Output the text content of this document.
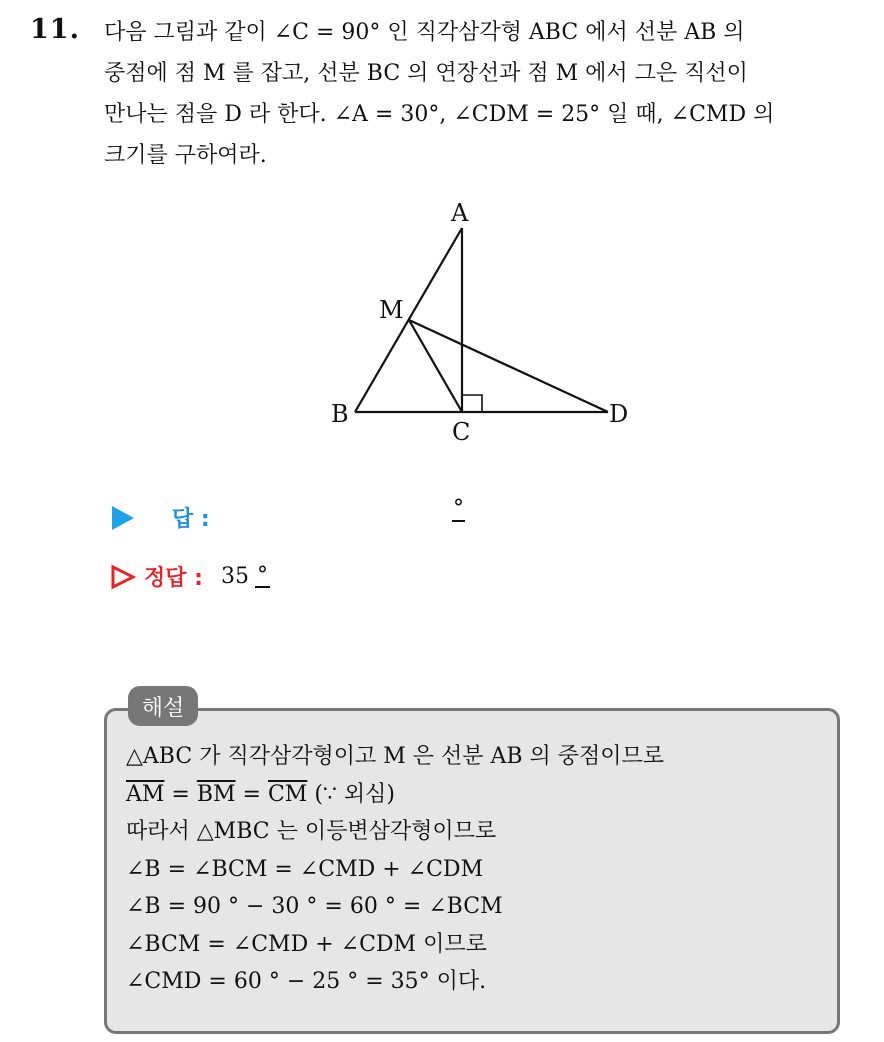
11. 다음 그림과 같이 ∠C = 90° 인 직각삼각형 ABC 에서 선분 AB 의

중점에 점 M 를 잡고, 선분 BC 의 연장선과 점 M 에서 그은 직선이

만나는 점을 D 라 한다. ∠A = 30°, ∠CDM = 25° 일 때, ∠CMD 의

크기를 구하여라.

A
M
B
C
D
답 :	°
정답 : 35 °
해설

△ABC 가 직각삼각형이고 M 은 선분 AB 의 중점이므로

$\overline{AM} = \overline{BM} = \overline{CM}$ (∵ 외심)

따라서 △MBC 는 이등변삼각형이므로

∠B = ∠BCM = ∠CMD + ∠CDM

∠B = 90 ° − 30 ° = 60 ° = ∠BCM

∠BCM = ∠CMD + ∠CDM 이므로

∠CMD = 60 ° − 25 ° = 35° 이다.
